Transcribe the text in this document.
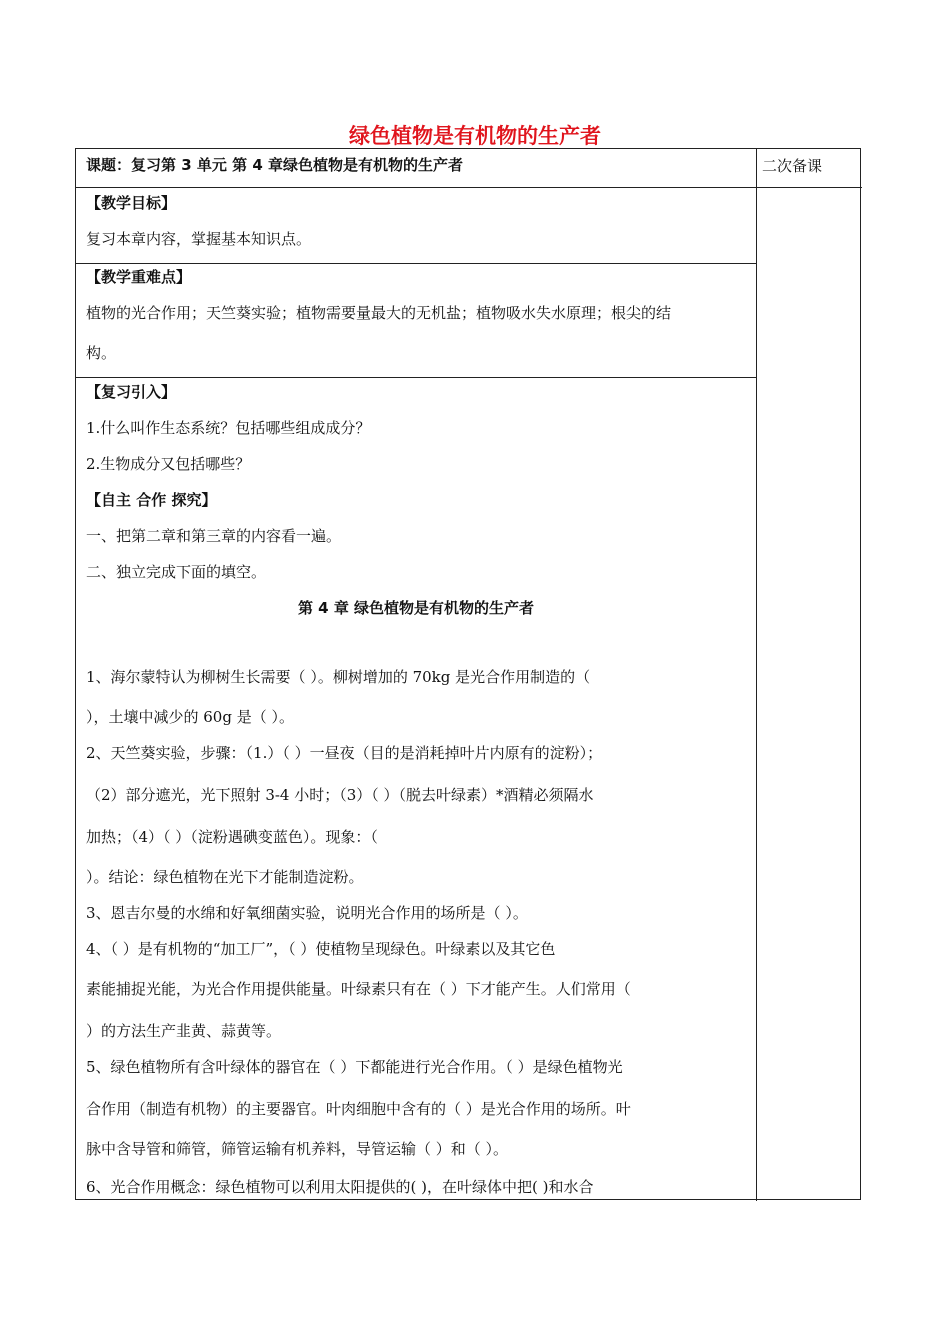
绿色植物是有机物的生产者
课题：复习第 3 单元 第 4 章绿色植物是有机物的生产者	二次备课
【教学目标】
复习本章内容，掌握基本知识点。
【教学重难点】
植物的光合作用；天竺葵实验；植物需要量最大的无机盐；植物吸水失水原理；根尖的结
构。
【复习引入】
1.什么叫作生态系统？包括哪些组成成分？
2.生物成分又包括哪些？
【自主 合作 探究】
一、把第二章和第三章的内容看一遍。
二、独立完成下面的填空。
第 4 章 绿色植物是有机物的生产者
1、海尔蒙特认为柳树生长需要（ ）。柳树增加的 70kg 是光合作用制造的（
），土壤中减少的 60g 是（ ）。
2、天竺葵实验，步骤：（1.）（ ）一昼夜（目的是消耗掉叶片内原有的淀粉）；
（2）部分遮光，光下照射 3-4 小时；（3）（ ）（脱去叶绿素）*酒精必须隔水
加热；（4）（ ）（淀粉遇碘变蓝色）。现象：（
）。结论：绿色植物在光下才能制造淀粉。
3、恩吉尔曼的水绵和好氧细菌实验，说明光合作用的场所是（ ）。
4、（ ）是有机物的“加工厂”，（ ）使植物呈现绿色。叶绿素以及其它色
素能捕捉光能，为光合作用提供能量。叶绿素只有在（ ）下才能产生。人们常用（
）的方法生产韭黄、蒜黄等。
5、绿色植物所有含叶绿体的器官在（ ）下都能进行光合作用。（ ）是绿色植物光
合作用（制造有机物）的主要器官。叶肉细胞中含有的（ ）是光合作用的场所。叶
脉中含导管和筛管，筛管运输有机养料，导管运输（ ）和（ ）。
6、光合作用概念：绿色植物可以利用太阳提供的( )，在叶绿体中把( )和水合
